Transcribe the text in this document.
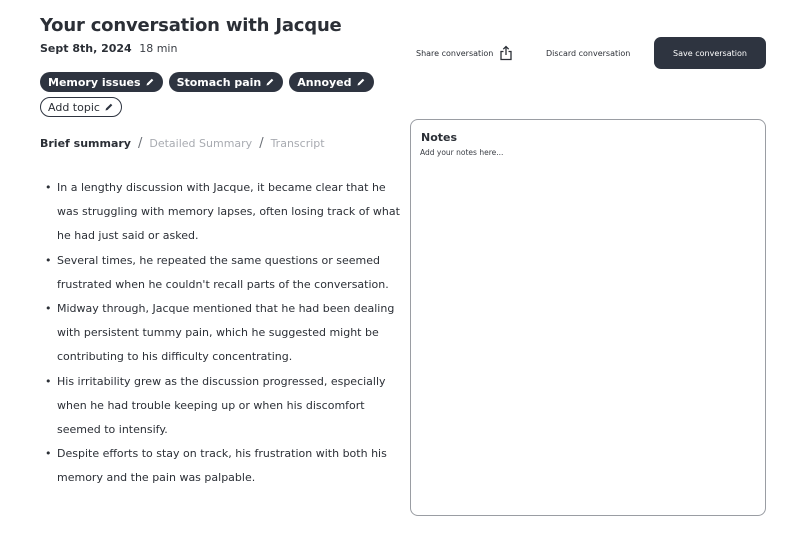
Your conversation with Jacque
Sept 8th, 2024 18 min
Memory issues	Stomach pain	Annoyed
Add topic
Share conversation	Discard conversation	Save conversation
Brief summary / Detailed Summary / Transcript
• In a lengthy discussion with Jacque, it became clear that he was struggling with memory lapses, often losing track of what he had just said or asked.
• Several times, he repeated the same questions or seemed frustrated when he couldn't recall parts of the conversation.
• Midway through, Jacque mentioned that he had been dealing with persistent tummy pain, which he suggested might be contributing to his difficulty concentrating.
• His irritability grew as the discussion progressed, especially when he had trouble keeping up or when his discomfort seemed to intensify.
• Despite efforts to stay on track, his frustration with both his memory and the pain was palpable.
Notes
Add your notes here...
